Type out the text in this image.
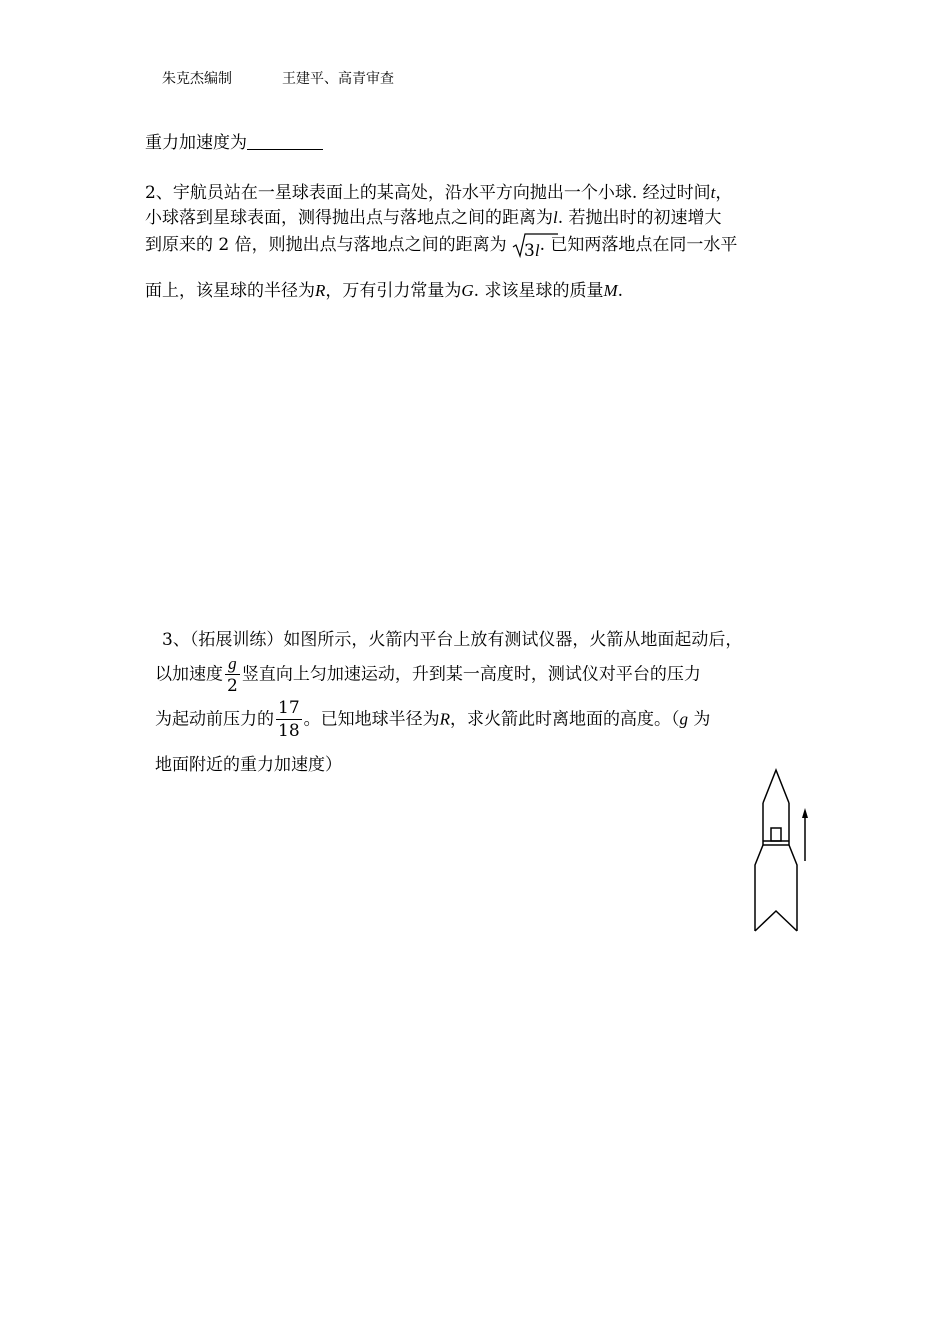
朱克杰编制	王建平、高青审查
重力加速度为
2、宇航员站在一星球表面上的某高处，沿水平方向抛出一个小球. 经过时间t，
小球落到星球表面，测得抛出点与落地点之间的距离为l. 若抛出时的初速增大
到原来的 2 倍，则抛出点与落地点之间的距离为 3l. 已知两落地点在同一水平
面上，该星球的半径为R，万有引力常量为G. 求该星球的质量M.
3、（拓展训练）如图所示，火箭内平台上放有测试仪器，火箭从地面起动后，
以加速度 $\frac{g}{2}$ 竖直向上匀加速运动，升到某一高度时，测试仪对平台的压力
为起动前压力的 $\frac{17}{18}$ 。已知地球半径为R，求火箭此时离地面的高度。（g 为
地面附近的重力加速度）
